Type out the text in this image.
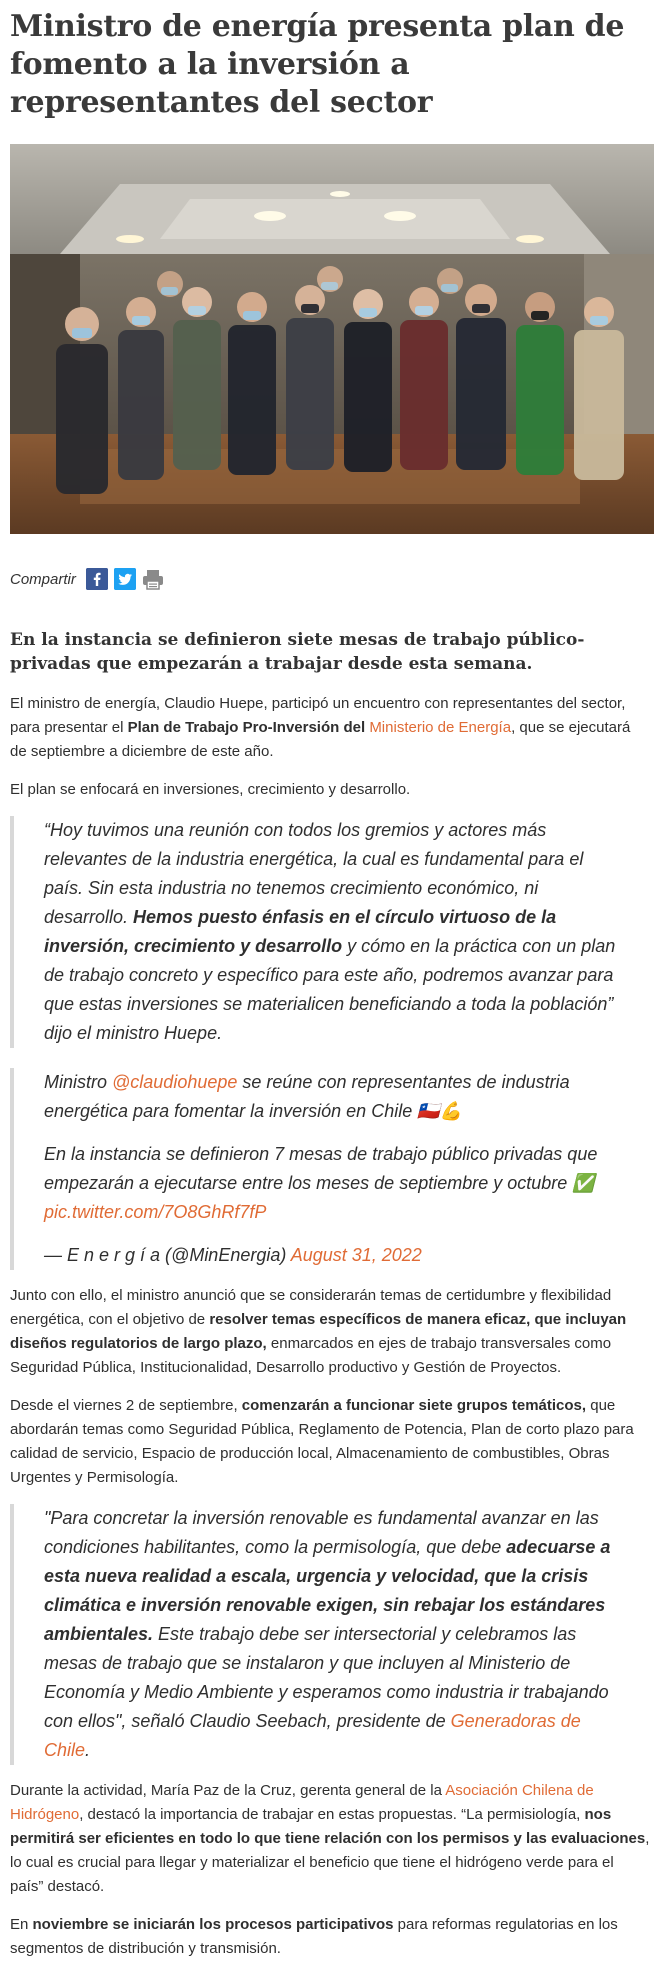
Ministro de energía presenta plan de fomento a la inversión a representantes del sector
Compartir
En la instancia se definieron siete mesas de trabajo público-privadas que empezarán a trabajar desde esta semana.

El ministro de energía, Claudio Huepe, participó un encuentro con representantes del sector, para presentar el Plan de Trabajo Pro-Inversión del Ministerio de Energía, que se ejecutará de septiembre a diciembre de este año.

El plan se enfocará en inversiones, crecimiento y desarrollo.

“Hoy tuvimos una reunión con todos los gremios y actores más relevantes de la industria energética, la cual es fundamental para el país. Sin esta industria no tenemos crecimiento económico, ni desarrollo. Hemos puesto énfasis en el círculo virtuoso de la inversión, crecimiento y desarrollo y cómo en la práctica con un plan de trabajo concreto y específico para este año, podremos avanzar para que estas inversiones se materialicen beneficiando a toda la población” dijo el ministro Huepe.

Ministro @claudiohuepe se reúne con representantes de industria energética para fomentar la inversión en Chile 🇨🇱💪

En la instancia se definieron 7 mesas de trabajo público privadas que empezarán a ejecutarse entre los meses de septiembre y octubre ✅ pic.twitter.com/7O8GhRf7fP

— E n e r g í a (@MinEnergia) August 31, 2022

Junto con ello, el ministro anunció que se considerarán temas de certidumbre y flexibilidad energética, con el objetivo de resolver temas específicos de manera eficaz, que incluyan diseños regulatorios de largo plazo, enmarcados en ejes de trabajo transversales como Seguridad Pública, Institucionalidad, Desarrollo productivo y Gestión de Proyectos.

Desde el viernes 2 de septiembre, comenzarán a funcionar siete grupos temáticos, que abordarán temas como Seguridad Pública, Reglamento de Potencia, Plan de corto plazo para calidad de servicio, Espacio de producción local, Almacenamiento de combustibles, Obras Urgentes y Permisología.

"Para concretar la inversión renovable es fundamental avanzar en las condiciones habilitantes, como la permisología, que debe adecuarse a esta nueva realidad a escala, urgencia y velocidad, que la crisis climática e inversión renovable exigen, sin rebajar los estándares ambientales. Este trabajo debe ser intersectorial y celebramos las mesas de trabajo que se instalaron y que incluyen al Ministerio de Economía y Medio Ambiente y esperamos como industria ir trabajando con ellos", señaló Claudio Seebach, presidente de Generadoras de Chile.

Durante la actividad, María Paz de la Cruz, gerenta general de la Asociación Chilena de Hidrógeno, destacó la importancia de trabajar en estas propuestas. “La permisiología, nos permitirá ser eficientes en todo lo que tiene relación con los permisos y las evaluaciones, lo cual es crucial para llegar y materializar el beneficio que tiene el hidrógeno verde para el país” destacó.

En noviembre se iniciarán los procesos participativos para reformas regulatorias en los segmentos de distribución y transmisión.
